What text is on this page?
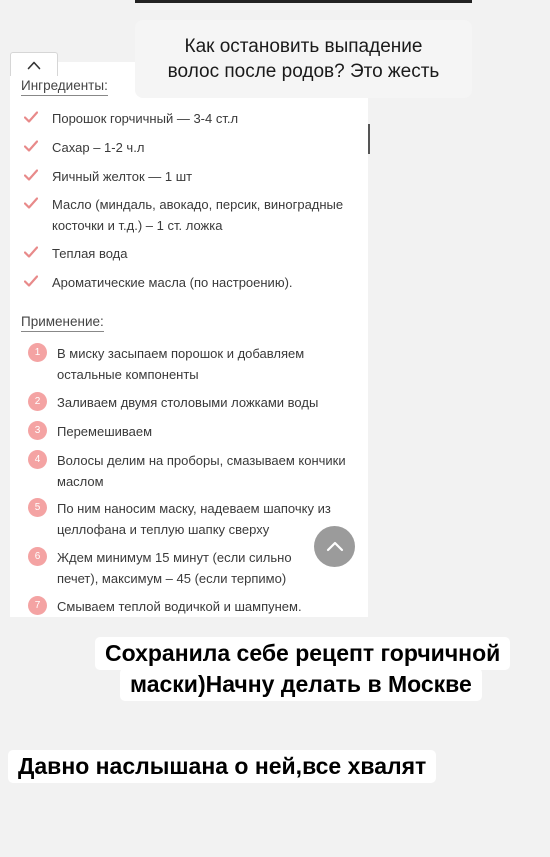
Ингредиенты:
Порошок горчичный — 3-4 ст.л
Сахар – 1-2 ч.л
Яичный желток — 1 шт
Масло (миндаль, авокадо, персик, виноградные косточки и т.д.) – 1 ст. ложка
Теплая вода
Ароматические масла (по настроению).
Применение:
1	В миску засыпаем порошок и добавляем остальные компоненты
2	Заливаем двумя столовыми ложками воды
3	Перемешиваем
4	Волосы делим на проборы, смазываем кончики маслом
5	По ним наносим маску, надеваем шапочку из целлофана и теплую шапку сверху
6	Ждем минимум 15 минут (если сильно печет), максимум – 45 (если терпимо)
7	Смываем теплой водичкой и шампунем.
Как остановить выпадение
волос после родов? Это жесть
Сохранила себе рецепт горчичной
маски)Начну делать в Москве
Давно наслышана о ней,все хвалят
